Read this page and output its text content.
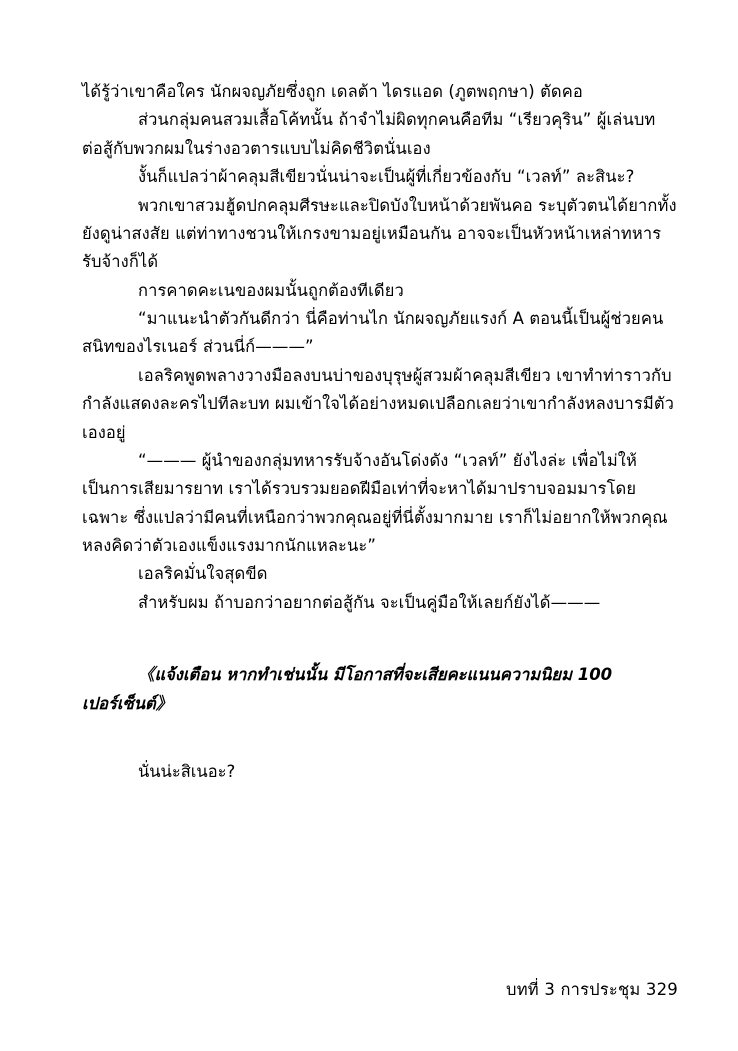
ได้รู้ว่าเขาคือใคร นักผจญภัยซึ่งถูก เดลต้า ไดรแอด (ภูตพฤกษา) ตัดคอ

ส่วนกลุ่มคนสวมเสื้อโค้ทนั้น ถ้าจำไม่ผิดทุกคนคือทีม “เรียวคุริน” ผู้เล่นบทต่อสู้กับพวกผมในร่างอวตารแบบไม่คิดชีวิตนั่นเอง

งั้นก็แปลว่าผ้าคลุมสีเขียวนั่นน่าจะเป็นผู้ที่เกี่ยวข้องกับ “เวลท์” ละสินะ?

พวกเขาสวมฮู้ดปกคลุมศีรษะและปิดบังใบหน้าด้วยพันคอ ระบุตัวตนได้ยากทั้งยังดูน่าสงสัย แต่ท่าทางชวนให้เกรงขามอยู่เหมือนกัน อาจจะเป็นหัวหน้าเหล่าทหารรับจ้างก็ได้

การคาดคะเนของผมนั้นถูกต้องทีเดียว

“มาแนะนำตัวกันดีกว่า นี่คือท่านไก นักผจญภัยแรงก์ A ตอนนี้เป็นผู้ช่วยคนสนิทของไรเนอร์ ส่วนนี่ก์———”

เอลริคพูดพลางวางมือลงบนบ่าของบุรุษผู้สวมผ้าคลุมสีเขียว เขาทำท่าราวกับกำลังแสดงละครไปทีละบท ผมเข้าใจได้อย่างหมดเปลือกเลยว่าเขากำลังหลงบารมีตัวเองอยู่

“——— ผู้นำของกลุ่มทหารรับจ้างอันโด่งดัง “เวลท์” ยังไงล่ะ เพื่อไม่ให้เป็นการเสียมารยาท เราได้รวบรวมยอดฝีมือเท่าที่จะหาได้มาปราบจอมมารโดยเฉพาะ ซึ่งแปลว่ามีคนที่เหนือกว่าพวกคุณอยู่ที่นี่ตั้งมากมาย เราก็ไม่อยากให้พวกคุณหลงคิดว่าตัวเองแข็งแรงมากนักแหละนะ”

เอลริคมั่นใจสุดขีด

สำหรับผม ถ้าบอกว่าอยากต่อสู้กัน จะเป็นคู่มือให้เลยก์ยังได้———

《แจ้งเตือน หากทำเช่นนั้น มีโอกาสที่จะเสียคะแนนความนิยม 100 เปอร์เซ็นต์》
นั่นน่ะสิเนอะ?
บทที่ 3 การประชุม 329
